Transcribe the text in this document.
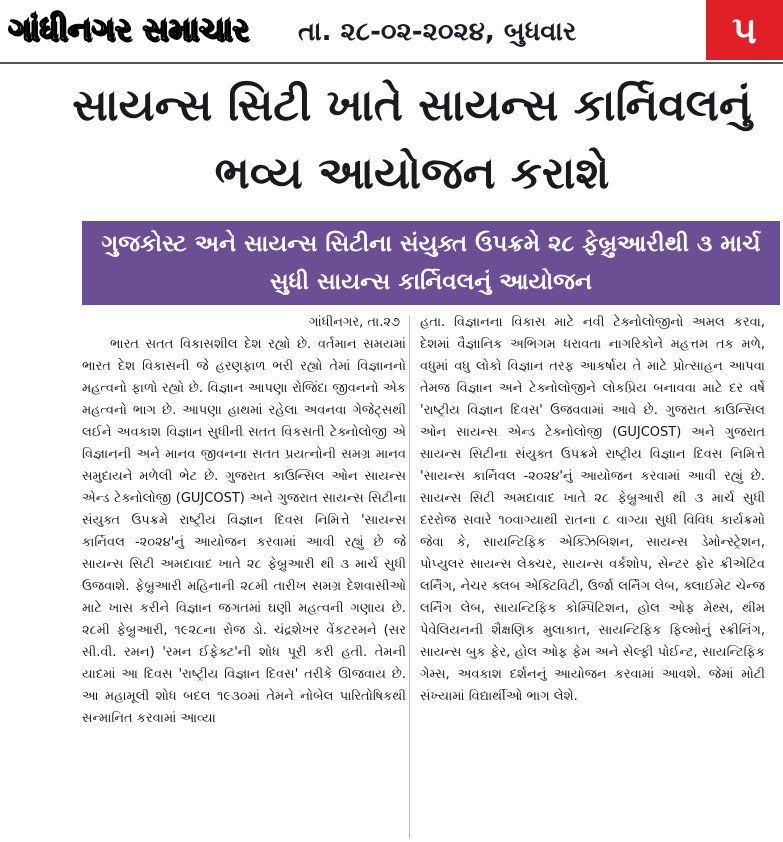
ગાંધીનગર સમાચાર તા. ૨૮-૦૨-૨૦૨૪, બુધવાર	૫
સાયન્સ સિટી ખાતે સાયન્સ કાર્નિવલનું ભવ્ય આયોજન કરાશે
ગુજકોસ્ટ અને સાયન્સ સિટીના સંયુક્ત ઉપક્રમે ૨૮ ફેબ્રુઆરીથી ૩ માર્ચ સુધી સાયન્સ કાર્નિવલનું આયોજન
ગાંધીનગર, તા.૨૭
ભારત સતત વિકાસશીલ દેશ રહ્યો છે. વર્તમાન સમયમાં ભારત દેશ વિકાસની જે હરણફાળ ભરી રહ્યો તેમાં વિજ્ઞાનનો મહત્વનો ફાળો રહ્યો છે. વિજ્ઞાન આપણા રોજિંદા જીવનનો એક મહત્વનો ભાગ છે. આપણા હાથમાં રહેલા અવનવા ગેજેટ્સથી લઈને અવકાશ વિજ્ઞાન સુધીની સતત વિકસતી ટેક્નોલોજી એ વિજ્ઞાનની અને માનવ જીવનના સતત પ્રયત્નોની સમગ્ર માનવ સમુદાયને મળેલી ભેટ છે. ગુજરાત કાઉન્સિલ ઓન સાયન્સ એન્ડ ટેક્નોલોજી (GUJCOST) અને ગુજરાત સાયન્સ સિટીના સંયુક્ત ઉપક્રમે રાષ્ટ્રીય વિજ્ઞાન દિવસ નિમિત્તે 'સાયન્સ કાર્નિવલ -૨૦૨૪'નું આયોજન કરવામાં આવી રહ્યું છે જે સાયન્સ સિટી અમદાવાદ ખાતે ૨૮ ફેબ્રુઆરી થી ૩ માર્ચ સુધી ઉજવાશે. ફેબ્રુઆરી મહિનાની ૨૮મી તારીખ સમગ્ર દેશવાસીઓ માટે ખાસ કરીને વિજ્ઞાન જગતમાં ઘણી મહત્વની ગણાય છે. ૨૮મી ફેબ્રુઆરી, ૧૯૨૮ના રોજ ડો. ચંદ્રશેખર વેંકટરમને (સર સી.વી. રમન) 'રમન ઈફેક્ટ'ની શોધ પૂરી કરી હતી. તેમની યાદમાં આ દિવસ 'રાષ્ટ્રીય વિજ્ઞાન દિવસ' તરીકે ઊજવાય છે. આ મહામૂલી શોધ બદલ ૧૯૩૦માં તેમને નોબેલ પારિતોષિકથી સન્માનિત કરવામાં આવ્યા
હતા. વિજ્ઞાનના વિકાસ માટે નવી ટેક્નોલોજીનો અમલ કરવા, દેશમાં વૈજ્ઞાનિક અભિગમ ધરાવતા નાગરિકોને મહત્તમ તક મળે, વધુમાં વધુ લોકો વિજ્ઞાન તરફ આકર્ષાય તે માટે પ્રોત્સાહન આપવા તેમજ વિજ્ઞાન અને ટેક્નોલોજીને લોકપ્રિય બનાવવા માટે દર વર્ષે 'રાષ્ટ્રીય વિજ્ઞાન દિવસ' ઉજવવામાં આવે છે. ગુજરાત કાઉન્સિલ ઓન સાયન્સ એન્ડ ટેક્નોલોજી (GUJCOST) અને ગુજરાત સાયન્સ સિટીના સંયુક્ત ઉપક્રમે રાષ્ટ્રીય વિજ્ઞાન દિવસ નિમિત્તે 'સાયન્સ કાર્નિવલ -૨૦૨૪'નું આયોજન કરવામાં આવી રહ્યું છે. સાયન્સ સિટી અમદાવાદ ખાતે ૨૮ ફેબ્રુઆરી થી ૩ માર્ચ સુધી દરરોજ સવારે ૧૦વાગ્યાથી રાતના ૮ વાગ્યા સુધી વિવિધ કાર્યક્રમો જેવા કે, સાયન્ટિફિક એક્ઝિબિશન, સાયન્સ ડેમોન્સ્ટ્રેશન, પોપ્યુલર સાયન્સ લેક્ચર, સાયન્સ વર્કશોપ, સેન્ટર ફોર ક્રીએટિવ લર્નિંગ, નેચર ક્લબ એક્ટિવિટી, ઉર્જા લર્નિંગ લેબ, ક્લાઈમેટ ચેન્જ લર્નિંગ લેબ, સાયન્ટિફિક કોમ્પિટિશન, હોલ ઓફ મેથ્સ, થીમ પેવેલિયનની શૈક્ષણિક મુલાકાત, સાયન્ટિફિક ફિલ્મોનું સ્ક્રીનિંગ, સાયન્સ બુક ફેર, હોલ ઓફ ફેમ અને સેલ્ફી પોઈન્ટ, સાયન્ટિફિક ગેમ્સ, અવકાશ દર્શનનું આયોજન કરવામાં આવશે. જેમાં મોટી સંખ્યામાં વિદ્યાર્થીઓ ભાગ લેશે.
